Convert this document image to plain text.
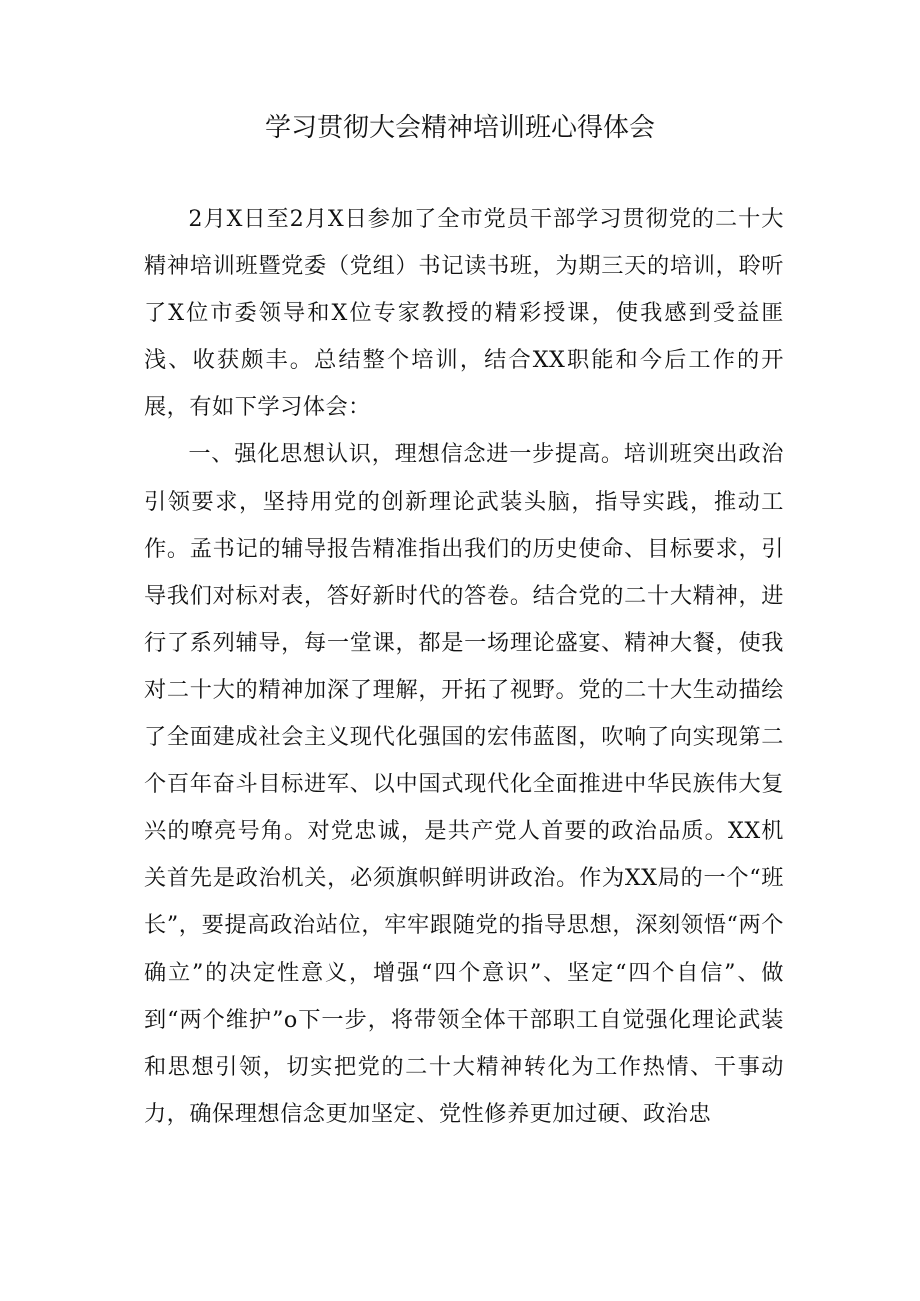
学习贯彻大会精神培训班心得体会

2月X日至2月X日参加了全市党员干部学习贯彻党的二十大精神培训班暨党委（党组）书记读书班，为期三天的培训，聆听了X位市委领导和X位专家教授的精彩授课，使我感到受益匪浅、收获颇丰。总结整个培训，结合XX职能和今后工作的开展，有如下学习体会：

一、强化思想认识，理想信念进一步提高。培训班突出政治引领要求，坚持用党的创新理论武装头脑，指导实践，推动工作。孟书记的辅导报告精准指出我们的历史使命、目标要求，引导我们对标对表，答好新时代的答卷。结合党的二十大精神，进行了系列辅导，每一堂课，都是一场理论盛宴、精神大餐，使我对二十大的精神加深了理解，开拓了视野。党的二十大生动描绘了全面建成社会主义现代化强国的宏伟蓝图，吹响了向实现第二个百年奋斗目标进军、以中国式现代化全面推进中华民族伟大复兴的嘹亮号角。对党忠诚，是共产党人首要的政治品质。XX机关首先是政治机关，必须旗帜鲜明讲政治。作为XX局的一个“班长”，要提高政治站位，牢牢跟随党的指导思想，深刻领悟“两个确立”的决定性意义，增强“四个意识”、坚定“四个自信”、做到“两个维护”o下一步，将带领全体干部职工自觉强化理论武装和思想引领，切实把党的二十大精神转化为工作热情、干事动力，确保理想信念更加坚定、党性修养更加过硬、政治忠
